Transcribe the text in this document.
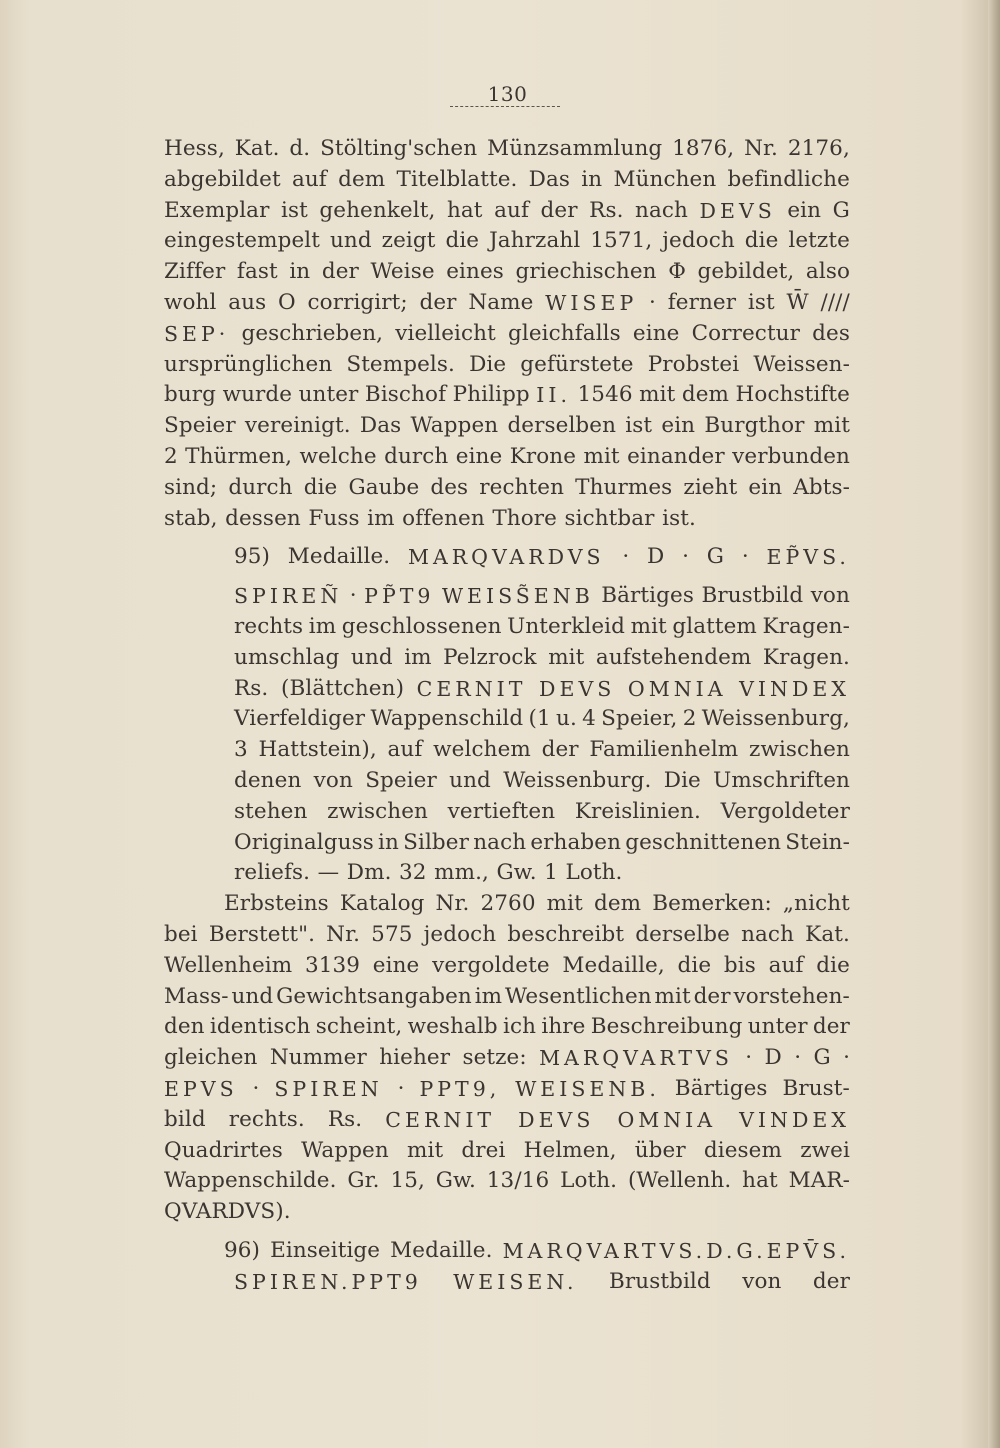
130
Hess, Kat. d. Stölting'schen Münzsammlung 1876, Nr. 2176,
abgebildet auf dem Titelblatte. Das in München befindliche
Exemplar ist gehenkelt, hat auf der Rs. nach DEVS ein G
eingestempelt und zeigt die Jahrzahl 1571, jedoch die letzte
Ziffer fast in der Weise eines griechischen Φ gebildet, also
wohl aus O corrigirt; der Name WISEP · ferner ist W̄ ////
SEP· geschrieben, vielleicht gleichfalls eine Correctur des
ursprünglichen Stempels. Die gefürstete Probstei Weissen-
burg wurde unter Bischof Philipp II. 1546 mit dem Hochstifte
Speier vereinigt. Das Wappen derselben ist ein Burgthor mit
2 Thürmen, welche durch eine Krone mit einander verbunden
sind; durch die Gaube des rechten Thurmes zieht ein Abts-
stab, dessen Fuss im offenen Thore sichtbar ist.
95) Medaille. MARQVARDVS · D · G · EP̃VS.
SPIREÑ · PP̃T9 WEISS̃ENB Bärtiges Brustbild von
rechts im geschlossenen Unterkleid mit glattem Kragen-
umschlag und im Pelzrock mit aufstehendem Kragen.
Rs. (Blättchen) CERNIT DEVS OMNIA VINDEX
Vierfeldiger Wappenschild (1 u. 4 Speier, 2 Weissenburg,
3 Hattstein), auf welchem der Familienhelm zwischen
denen von Speier und Weissenburg. Die Umschriften
stehen zwischen vertieften Kreislinien. Vergoldeter
Originalguss in Silber nach erhaben geschnittenen Stein-
reliefs. — Dm. 32 mm., Gw. 1 Loth.
Erbsteins Katalog Nr. 2760 mit dem Bemerken: „nicht
bei Berstett". Nr. 575 jedoch beschreibt derselbe nach Kat.
Wellenheim 3139 eine vergoldete Medaille, die bis auf die
Mass- und Gewichtsangaben im Wesentlichen mit der vorstehen-
den identisch scheint, weshalb ich ihre Beschreibung unter der
gleichen Nummer hieher setze: MARQVARTVS · D · G ·
EPVS · SPIREN · PPT9, WEISENB. Bärtiges Brust-
bild rechts. Rs. CERNIT DEVS OMNIA VINDEX
Quadrirtes Wappen mit drei Helmen, über diesem zwei
Wappenschilde. Gr. 15, Gw. 13/16 Loth. (Wellenh. hat MAR-
QVARDVS).
96) Einseitige Medaille. MARQVARTVS.D.G.EPV̄S.
SPIREN.PPT9 WEISEN. Brustbild von der
